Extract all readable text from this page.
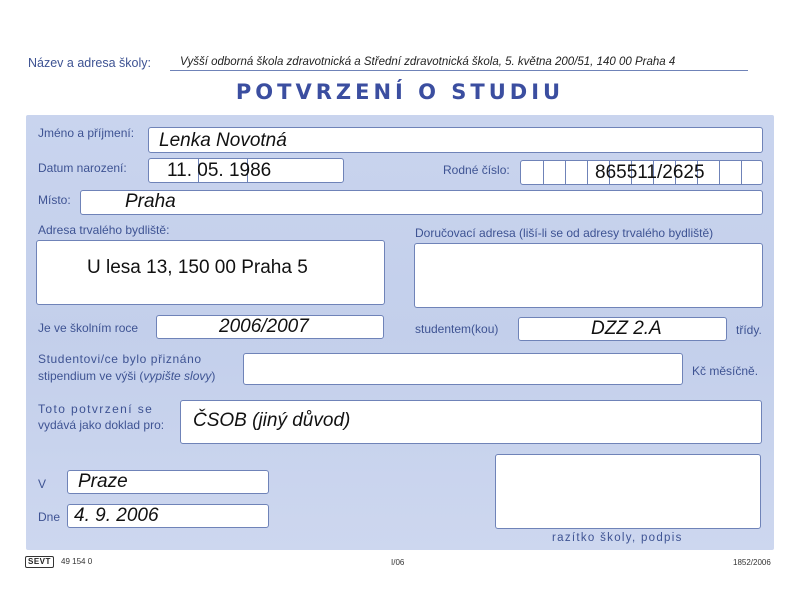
Název a adresa školy:	Vyšší odborná škola zdravotnická a Střední zdravotnická škola, 5. května 200/51, 140 00 Praha 4
POTVRZENÍ O STUDIU
Jméno a příjmení: Lenka Novotná
Datum narození: 11. 05. 1986	Rodné číslo:	865511/2625
Místo:	Praha
Adresa trvalého bydliště:
U lesa 13, 150 00 Praha 5
Doručovací adresa (liší-li se od adresy trvalého bydliště)
Je ve školním roce	2006/2007	studentem(kou)	DZZ 2.A	třídy.
Studentovi/ce bylo přiznáno
stipendium ve výši (vypište slovy)	Kč měsíčně.
Toto potvrzení se
vydává jako doklad pro: ČSOB (jiný důvod)
V Praze
Dne 4. 9. 2006
razítko školy, podpis
SEVT	49 154 0	I/06	1852/2006
